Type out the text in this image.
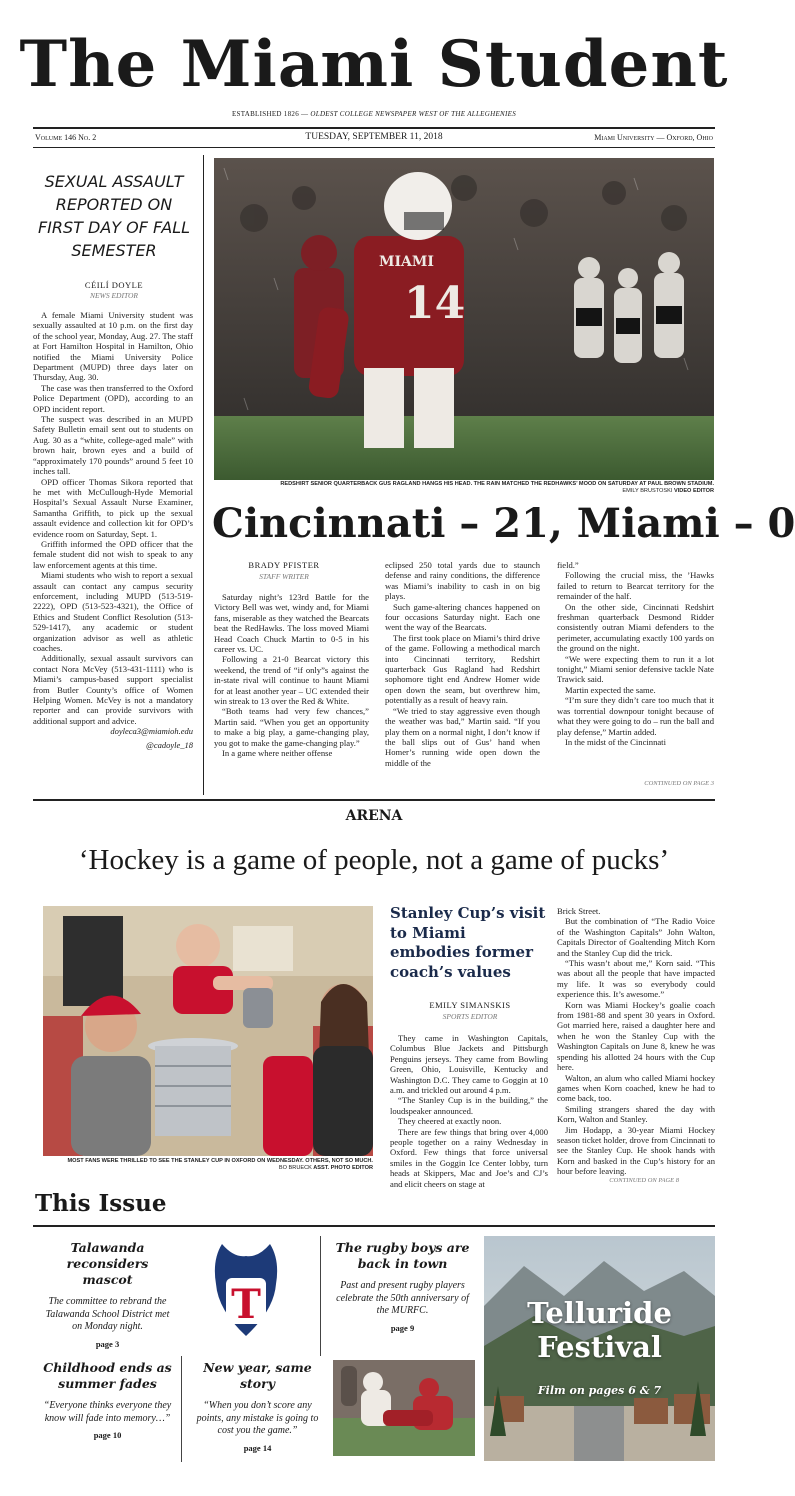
The Miami Student
ESTABLISHED 1826 — OLDEST COLLEGE NEWSPAPER WEST OF THE ALLEGHENIES
Volume 146 No. 2	TUESDAY, SEPTEMBER 11, 2018	Miami University — Oxford, Ohio
SEXUAL ASSAULT REPORTED ON FIRST DAY OF FALL SEMESTER
CÉILÍ DOYLE
NEWS EDITOR

A female Miami University student was sexually assaulted at 10 p.m. on the first day of the school year, Monday, Aug. 27. The staff at Fort Hamilton Hospital in Hamilton, Ohio notified the Miami University Police Department (MUPD) three days later on Thursday, Aug. 30.

The case was then transferred to the Oxford Police Department (OPD), according to an OPD incident report.

The suspect was described in an MUPD Safety Bulletin email sent out to students on Aug. 30 as a “white, college-aged male” with brown hair, brown eyes and a build of “approximately 170 pounds” around 5 feet 10 inches tall.

OPD officer Thomas Sikora reported that he met with McCullough-Hyde Memorial Hospital’s Sexual Assault Nurse Examiner, Samantha Griffith, to pick up the sexual assault evidence and collection kit for OPD’s evidence room on Saturday, Sept. 1.

Griffith informed the OPD officer that the female student did not wish to speak to any law enforcement agents at this time.

Miami students who wish to report a sexual assault can contact any campus security enforcement, including MUPD (513-519-2222), OPD (513-523-4321), the Office of Ethics and Student Conflict Resolution (513-529-1417), any academic or student organization advisor as well as athletic coaches.

Additionally, sexual assault survivors can contact Nora McVey (513-431-1111) who is Miami’s campus-based support specialist from Butler County’s office of Women Helping Women. McVey is not a mandatory reporter and can provide survivors with additional support and advice.

doyleca3@miamioh.edu
@cadoyle_18
14
MIAMI
REDSHIRT SENIOR QUARTERBACK GUS RAGLAND HANGS HIS HEAD. THE RAIN MATCHED THE REDHAWKS’ MOOD ON SATURDAY AT PAUL BROWN STADIUM.
EMILY BRUSTOSKI VIDEO EDITOR
Cincinnati – 21, Miami – 0
BRADY PFISTER
STAFF WRITER

Saturday night’s 123rd Battle for the Victory Bell was wet, windy and, for Miami fans, miserable as they watched the Bearcats beat the RedHawks. The loss moved Miami Head Coach Chuck Martin to 0-5 in his career vs. UC.

Following a 21-0 Bearcat victory this weekend, the trend of “if only”s against the in-state rival will continue to haunt Miami for at least another year – UC extended their win streak to 13 over the Red & White.

“Both teams had very few chances,” Martin said. “When you get an opportunity to make a big play, a game-changing play, you got to make the game-changing play.”

In a game where neither offense

eclipsed 250 total yards due to staunch defense and rainy conditions, the difference was Miami’s inability to cash in on big plays.

Such game-altering chances happened on four occasions Saturday night. Each one went the way of the Bearcats.

The first took place on Miami’s third drive of the game. Following a methodical march into Cincinnati territory, Redshirt quarterback Gus Ragland had Redshirt sophomore tight end Andrew Homer wide open down the seam, but overthrew him, potentially as a result of heavy rain.

“We tried to stay aggressive even though the weather was bad,” Martin said. “If you play them on a normal night, I don’t know if the ball slips out of Gus’ hand when Homer’s running wide open down the middle of the

field.”

Following the crucial miss, the ’Hawks failed to return to Bearcat territory for the remainder of the half.

On the other side, Cincinnati Redshirt freshman quarterback Desmond Ridder consistently outran Miami defenders to the perimeter, accumulating exactly 100 yards on the ground on the night.

“We were expecting them to run it a lot tonight,” Miami senior defensive tackle Nate Trawick said.

Martin expected the same.

“I’m sure they didn’t care too much that it was torrential downpour tonight because of what they were going to do – run the ball and play defense,” Martin added.

In the midst of the Cincinnati

CONTINUED ON PAGE 3
ARENA
‘Hockey is a game of people, not a game of pucks’
MOST FANS WERE THRILLED TO SEE THE STANLEY CUP IN OXFORD ON WEDNESDAY. OTHERS, NOT SO MUCH.
BO BRUECK ASST. PHOTO EDITOR
Stanley Cup’s visit to Miami embodies former coach’s values
EMILY SIMANSKIS
SPORTS EDITOR

They came in Washington Capitals, Columbus Blue Jackets and Pittsburgh Penguins jerseys. They came from Bowling Green, Ohio, Louisville, Kentucky and Washington D.C. They came to Goggin at 10 a.m. and trickled out around 4 p.m.

“The Stanley Cup is in the building,” the loudspeaker announced.

They cheered at exactly noon.

There are few things that bring over 4,000 people together on a rainy Wednesday in Oxford. Few things that force universal smiles in the Goggin Ice Center lobby, turn heads at Skippers, Mac and Joe’s and CJ’s and elicit cheers on stage at

Brick Street.

But the combination of “The Radio Voice of the Washington Capitals” John Walton, Capitals Director of Goaltending Mitch Korn and the Stanley Cup did the trick.

“This wasn’t about me,” Korn said. “This was about all the people that have impacted my life. It was so everybody could experience this. It’s awesome.”

Korn was Miami Hockey’s goalie coach from 1981-88 and spent 30 years in Oxford. Got married here, raised a daughter here and when he won the Stanley Cup with the Washington Capitals on June 8, knew he was spending his allotted 24 hours with the Cup here.

Walton, an alum who called Miami hockey games when Korn coached, knew he had to come back, too.

Smiling strangers shared the day with Korn, Walton and Stanley.

Jim Hodapp, a 30-year Miami Hockey season ticket holder, drove from Cincinnati to see the Stanley Cup. He shook hands with Korn and basked in the Cup’s history for an hour before leaving.

CONTINUED ON PAGE 8
This Issue
Talawanda reconsiders mascot
The committee to rebrand the Talawanda School District met on Monday night.
page 3
T
The rugby boys are back in town
Past and present rugby players celebrate the 50th anniversary of the MURFC.
page 9
Childhood ends as summer fades
“Everyone thinks everyone they know will fade into memory…”
page 10
New year, same story
“When you don’t score any points, any mistake is going to cost you the game.”
page 14
Telluride Festival
Film on pages 6 & 7
